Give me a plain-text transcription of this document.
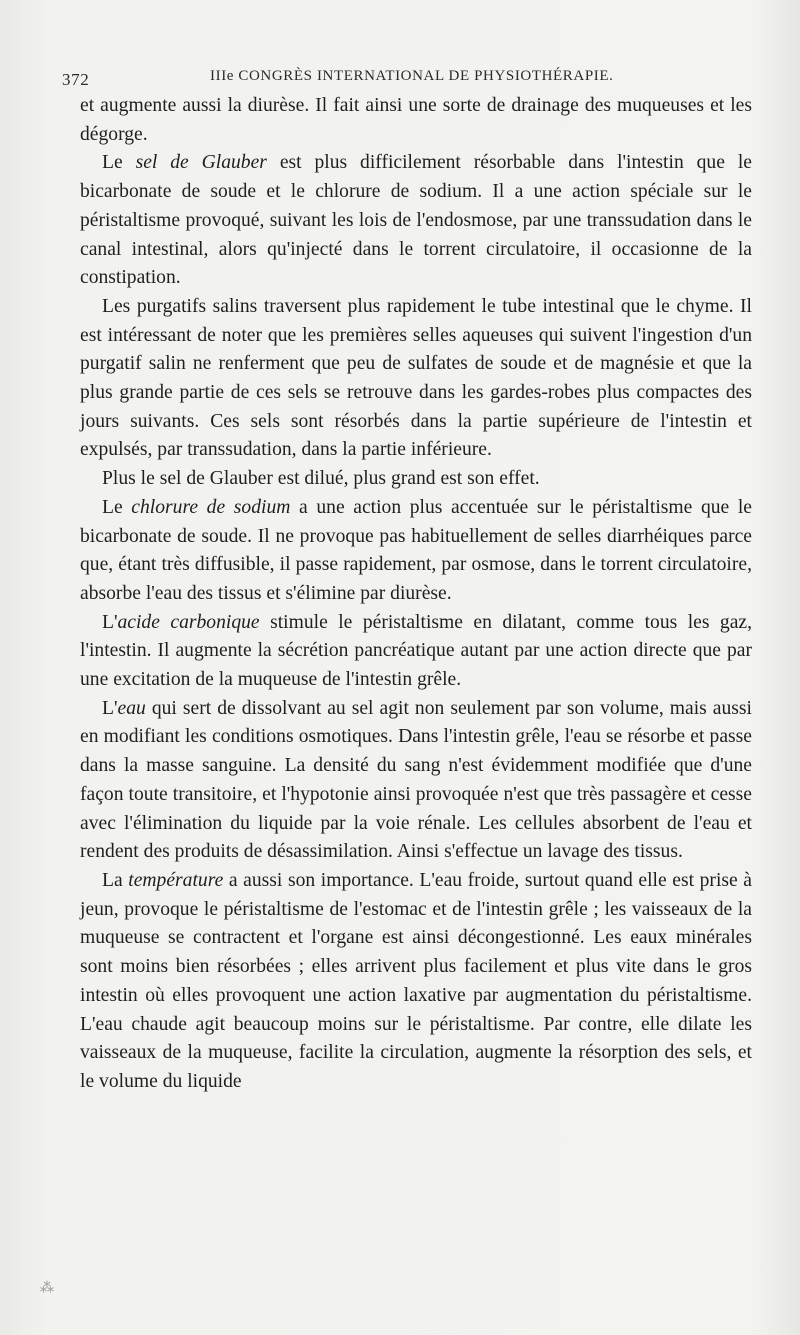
372	IIIe CONGRÈS INTERNATIONAL DE PHYSIOTHÉRAPIE.

et augmente aussi la diurèse. Il fait ainsi une sorte de drainage des muqueuses et les dégorge.

Le sel de Glauber est plus difficilement résorbable dans l'intestin que le bicarbonate de soude et le chlorure de sodium. Il a une action spéciale sur le péristaltisme provoqué, suivant les lois de l'endosmose, par une transsudation dans le canal intestinal, alors qu'injecté dans le torrent circulatoire, il occasionne de la constipation.

Les purgatifs salins traversent plus rapidement le tube intestinal que le chyme. Il est intéressant de noter que les premières selles aqueuses qui suivent l'ingestion d'un purgatif salin ne renferment que peu de sulfates de soude et de magnésie et que la plus grande partie de ces sels se retrouve dans les gardes-robes plus compactes des jours suivants. Ces sels sont résorbés dans la partie supérieure de l'intestin et expulsés, par transsudation, dans la partie inférieure.

Plus le sel de Glauber est dilué, plus grand est son effet.

Le chlorure de sodium a une action plus accentuée sur le péristaltisme que le bicarbonate de soude. Il ne provoque pas habituellement de selles diarrhéiques parce que, étant très diffusible, il passe rapidement, par osmose, dans le torrent circulatoire, absorbe l'eau des tissus et s'élimine par diurèse.

L'acide carbonique stimule le péristaltisme en dilatant, comme tous les gaz, l'intestin. Il augmente la sécrétion pancréatique autant par une action directe que par une excitation de la muqueuse de l'intestin grêle.

L'eau qui sert de dissolvant au sel agit non seulement par son volume, mais aussi en modifiant les conditions osmotiques. Dans l'intestin grêle, l'eau se résorbe et passe dans la masse sanguine. La densité du sang n'est évidemment modifiée que d'une façon toute transitoire, et l'hypotonie ainsi provoquée n'est que très passagère et cesse avec l'élimination du liquide par la voie rénale. Les cellules absorbent de l'eau et rendent des produits de désassimilation. Ainsi s'effectue un lavage des tissus.

La température a aussi son importance. L'eau froide, surtout quand elle est prise à jeun, provoque le péristaltisme de l'estomac et de l'intestin grêle ; les vaisseaux de la muqueuse se contractent et l'organe est ainsi décongestionné. Les eaux minérales sont moins bien résorbées ; elles arrivent plus facilement et plus vite dans le gros intestin où elles provoquent une action laxative par augmentation du péristaltisme. L'eau chaude agit beaucoup moins sur le péristaltisme. Par contre, elle dilate les vaisseaux de la muqueuse, facilite la circulation, augmente la résorption des sels, et le volume du liquide

⁂
